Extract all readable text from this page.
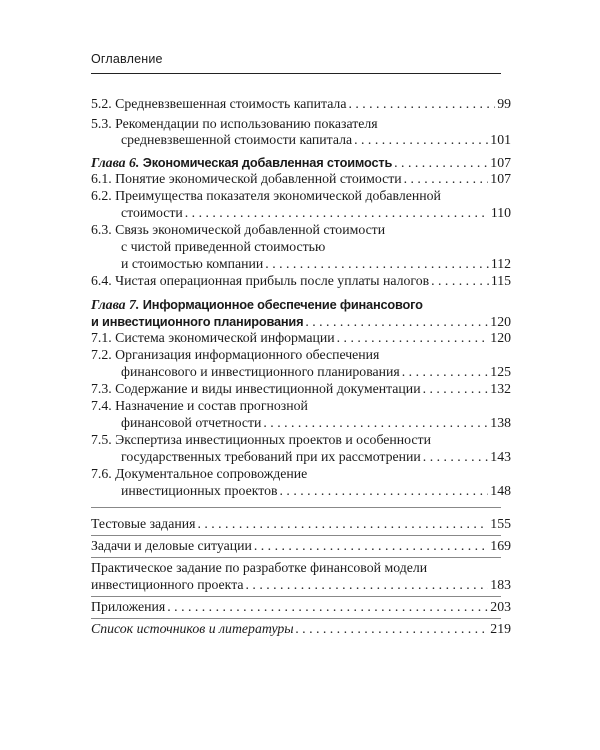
Оглавление
5.2. Средневзвешенная стоимость капитала . . .	99
5.3. Рекомендации по использованию показателя
средневзвешенной стоимости капитала . . .	101
Глава 6. Экономическая добавленная стоимость . . .	107
6.1. Понятие экономической добавленной стоимости . . .	107
6.2. Преимущества показателя экономической добавленной
стоимости . . .	110
6.3. Связь экономической добавленной стоимости
с чистой приведенной стоимостью
и стоимостью компании . . .	112
6.4. Чистая операционная прибыль после уплаты налогов . . .	115
Глава 7. Информационное обеспечение финансового
и инвестиционного планирования . . .	120
7.1. Система экономической информации . . .	120
7.2. Организация информационного обеспечения
финансового и инвестиционного планирования . . .	125
7.3. Содержание и виды инвестиционной документации . . .	132
7.4. Назначение и состав прогнозной
финансовой отчетности . . .	138
7.5. Экспертиза инвестиционных проектов и особенности
государственных требований при их рассмотрении . . .	143
7.6. Документальное сопровождение
инвестиционных проектов . . .	148
Тестовые задания . . .	155
Задачи и деловые ситуации . . .	169
Практическое задание по разработке финансовой модели
инвестиционного проекта . . .	183
Приложения . . .	203
Список источников и литературы . . .	219
